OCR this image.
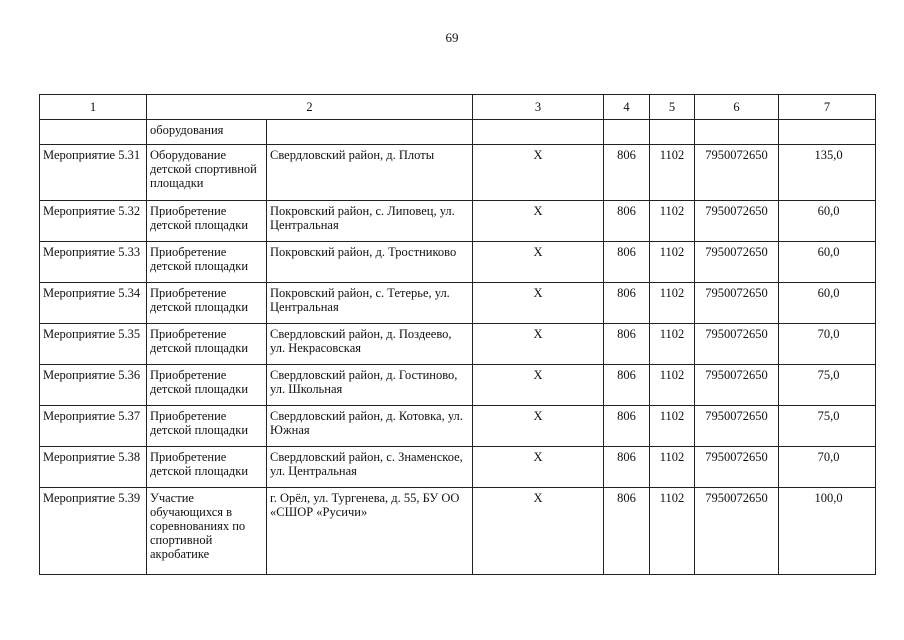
69
1	2		3	4	5	6	7
	оборудования						
Мероприятие 5.31	Оборудование детской спортивной площадки	Свердловский район, д. Плоты	Х	806	1102	7950072650	135,0
Мероприятие 5.32	Приобретение детской площадки	Покровский район, с. Липовец, ул. Центральная	Х	806	1102	7950072650	60,0
Мероприятие 5.33	Приобретение детской площадки	Покровский район, д. Тростниково	Х	806	1102	7950072650	60,0
Мероприятие 5.34	Приобретение детской площадки	Покровский район, с. Тетерье, ул. Центральная	Х	806	1102	7950072650	60,0
Мероприятие 5.35	Приобретение детской площадки	Свердловский район, д. Поздеево, ул. Некрасовская	Х	806	1102	7950072650	70,0
Мероприятие 5.36	Приобретение детской площадки	Свердловский район, д. Гостиново, ул. Школьная	Х	806	1102	7950072650	75,0
Мероприятие 5.37	Приобретение детской площадки	Свердловский район, д. Котовка, ул. Южная	Х	806	1102	7950072650	75,0
Мероприятие 5.38	Приобретение детской площадки	Свердловский район, с. Знаменское, ул. Центральная	Х	806	1102	7950072650	70,0
Мероприятие 5.39	Участие обучающихся в соревнованиях по спортивной акробатике	г. Орёл, ул. Тургенева, д. 55, БУ ОО «СШОР «Русичи»	Х	806	1102	7950072650	100,0
